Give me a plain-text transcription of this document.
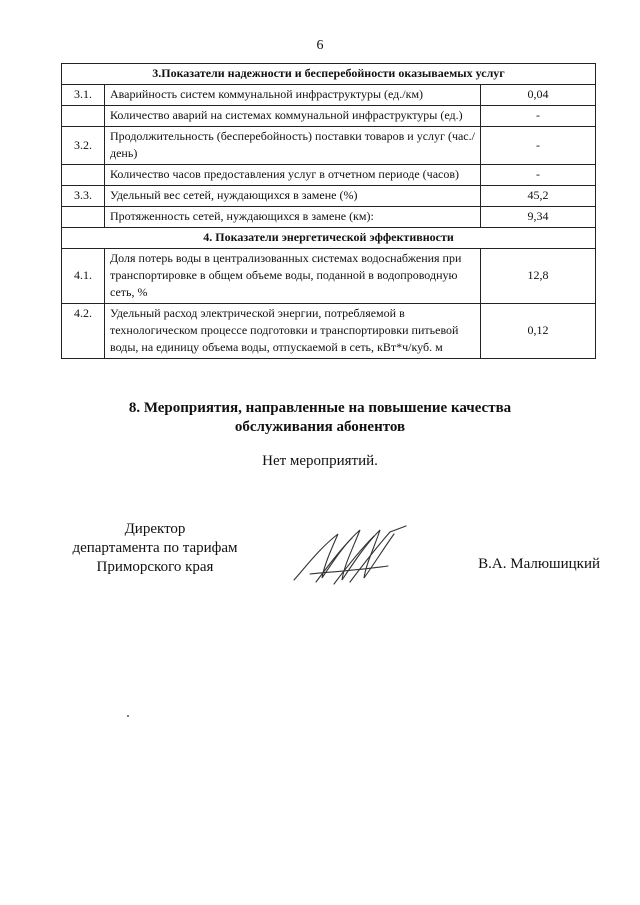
6
3.Показатели надежности и бесперебойности оказываемых услуг		
3.1.	Аварийность систем коммунальной инфраструктуры (ед./км)	0,04
	Количество аварий на системах коммунальной инфраструктуры (ед.)	-
3.2.	Продолжительность (бесперебойность) поставки товаров и услуг (час./день)	-
	Количество часов предоставления услуг в отчетном периоде (часов)	-
3.3.	Удельный вес сетей, нуждающихся в замене (%)	45,2
	Протяженность сетей, нуждающихся в замене (км):	9,34
4. Показатели энергетической эффективности		
4.1.	Доля потерь воды в централизованных системах водоснабжения при транспортировке в общем объеме воды, поданной в водопроводную сеть, %	12,8
4.2.	Удельный расход электрической энергии, потребляемой в технологическом процессе подготовки и транспортировки питьевой воды, на единицу объема воды, отпускаемой в сеть, кВт*ч/куб. м	0,12
8. Мероприятия, направленные на повышение качества
обслуживания абонентов
Нет мероприятий.
Директор
департамента по тарифам
Приморского края	В.А. Малюшицкий
